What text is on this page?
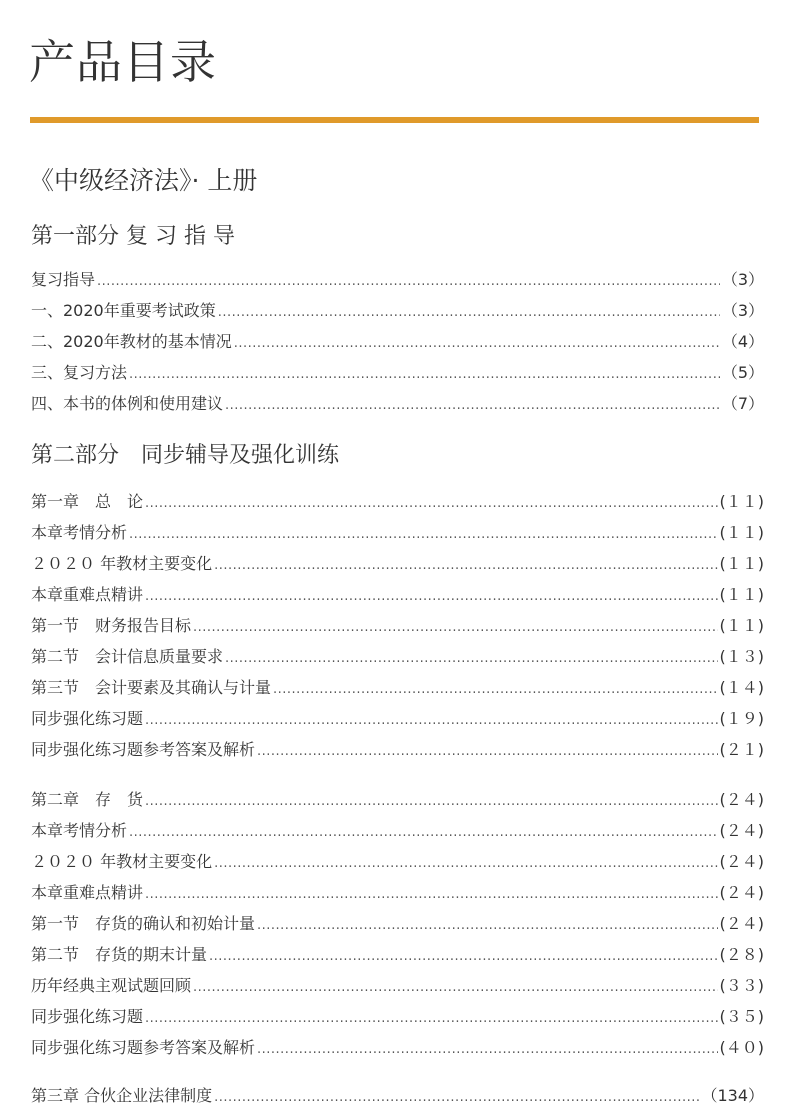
产品目录
《中级经济法》· 上册
第一部分 复 习 指 导
复习指导 .....	（3）
一、2020年重要考试政策 .....	（3）
二、2020年教材的基本情况 .....	（4）
三、复习方法 .....	（5）
四、本书的体例和使用建议 .....	（7）
第二部分　同步辅导及强化训练
第一章　总　论 .....	(１１)
本章考情分析 .....	(１１)
２０２０ 年教材主要变化 .....	(１１)
本章重难点精讲 .....	(１１)
第一节　财务报告目标 .....	(１１)
第二节　会计信息质量要求 .....	(１３)
第三节　会计要素及其确认与计量 .....	(１４)
同步强化练习题 .....	(１９)
同步强化练习题参考答案及解析 .....	(２１)
第二章　存　货 .....	(２４)
本章考情分析 .....	(２４)
２０２０ 年教材主要变化 .....	(２４)
本章重难点精讲 .....	(２４)
第一节　存货的确认和初始计量 .....	(２４)
第二节　存货的期末计量 .....	(２８)
历年经典主观试题回顾 .....	(３３)
同步强化练习题 .....	(３５)
同步强化练习题参考答案及解析 .....	(４０)
第三章 合伙企业法律制度 .....	（134）
